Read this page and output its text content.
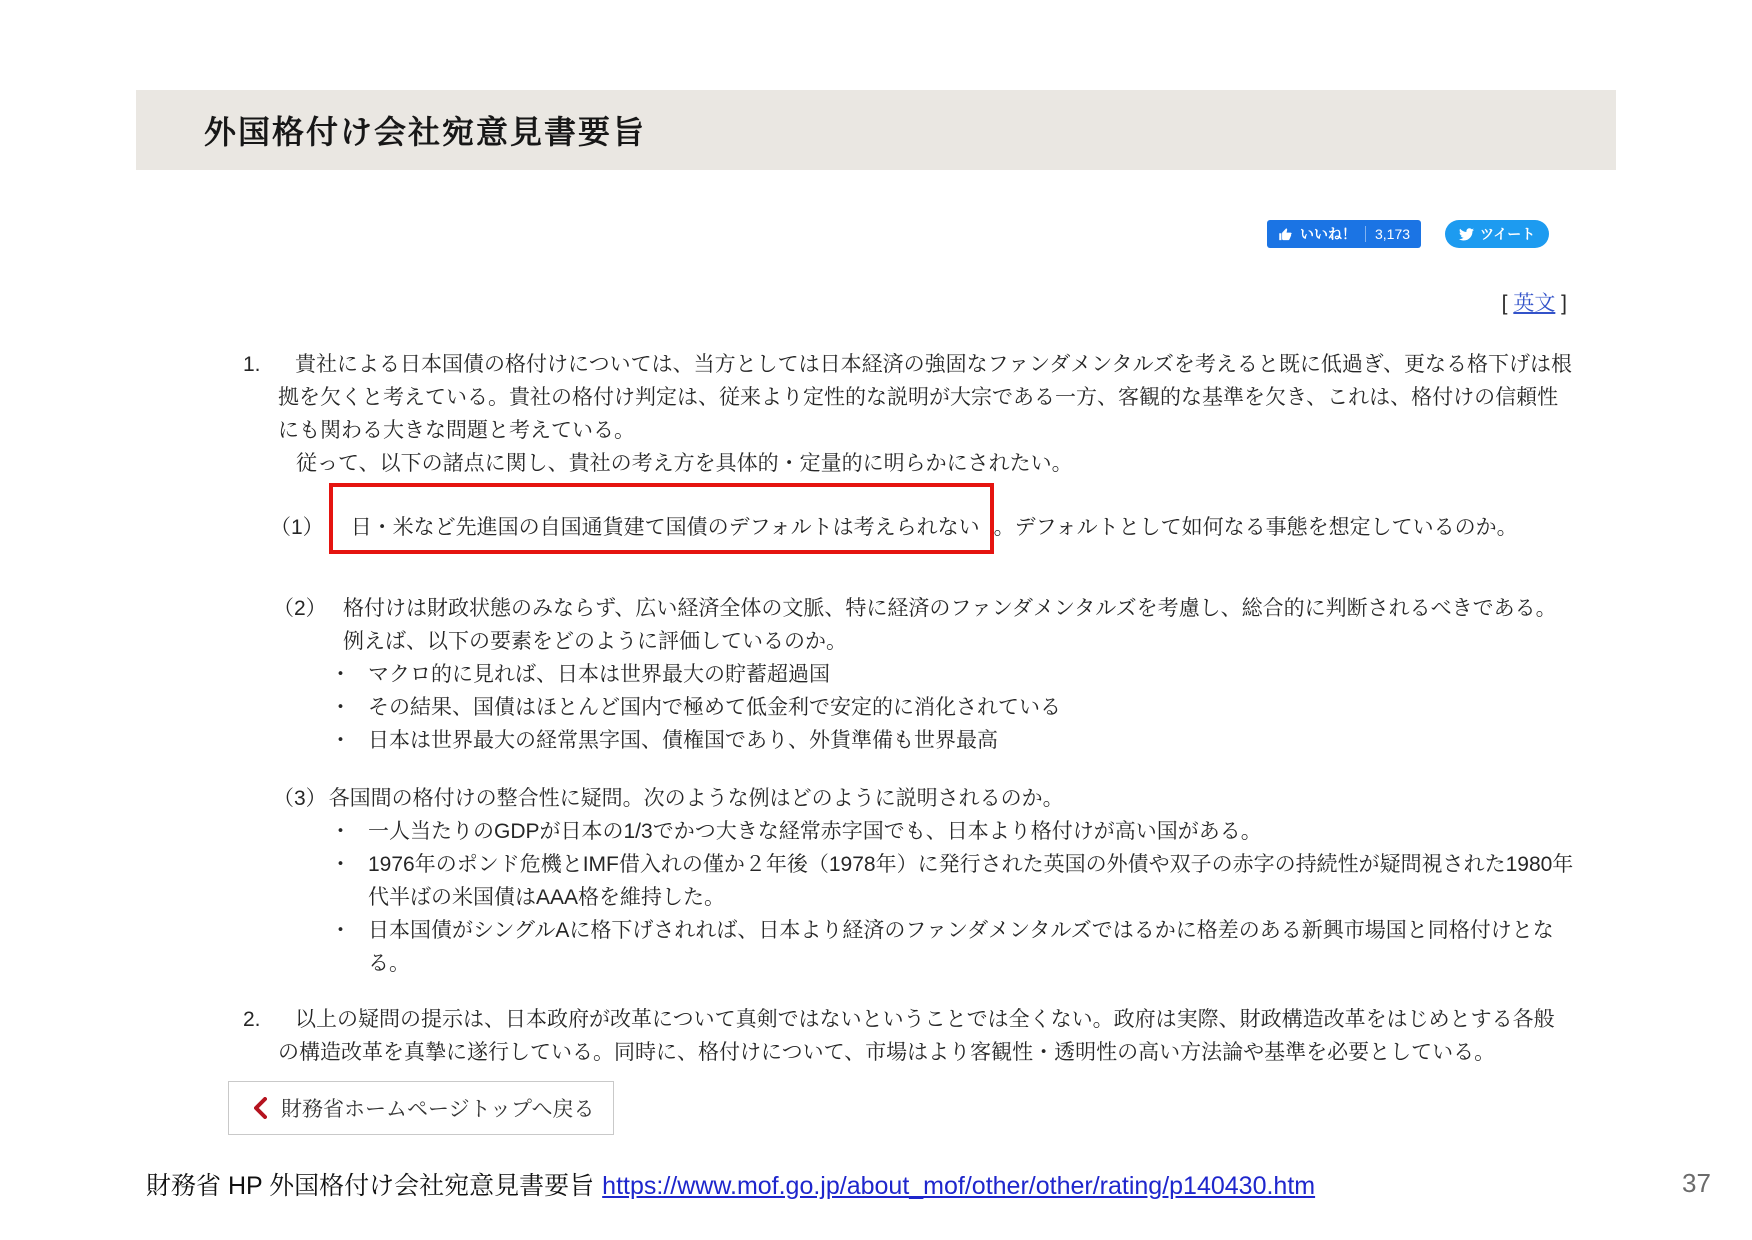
外国格付け会社宛意見書要旨
いいね！	3,173	ツイート
[ 英文 ]
1.	貴社による日本国債の格付けについては、当方としては日本経済の強固なファンダメンタルズを考えると既に低過ぎ、更なる格下げは根拠を欠くと考えている。貴社の格付け判定は、従来より定性的な説明が大宗である一方、客観的な基準を欠き、これは、格付けの信頼性にも関わる大きな問題と考えている。
従って、以下の諸点に関し、貴社の考え方を具体的・定量的に明らかにされたい。
（1） 日・米など先進国の自国通貨建て国債のデフォルトは考えられない 。デフォルトとして如何なる事態を想定しているのか。
（2） 格付けは財政状態のみならず、広い経済全体の文脈、特に経済のファンダメンタルズを考慮し、総合的に判断されるべきである。例えば、以下の要素をどのように評価しているのか。
・ マクロ的に見れば、日本は世界最大の貯蓄超過国
・ その結果、国債はほとんど国内で極めて低金利で安定的に消化されている
・ 日本は世界最大の経常黒字国、債権国であり、外貨準備も世界最高
（3）各国間の格付けの整合性に疑問。次のような例はどのように説明されるのか。
・ 一人当たりのGDPが日本の1/3でかつ大きな経常赤字国でも、日本より格付けが高い国がある。
・ 1976年のポンド危機とIMF借入れの僅か２年後（1978年）に発行された英国の外債や双子の赤字の持続性が疑問視された1980年代半ばの米国債はAAA格を維持した。
・ 日本国債がシングルAに格下げされれば、日本より経済のファンダメンタルズではるかに格差のある新興市場国と同格付けとなる。
2.	以上の疑問の提示は、日本政府が改革について真剣ではないということでは全くない。政府は実際、財政構造改革をはじめとする各般の構造改革を真摯に遂行している。同時に、格付けについて、市場はより客観性・透明性の高い方法論や基準を必要としている。
財務省ホームページトップへ戻る
財務省 HP 外国格付け会社宛意見書要旨 https://www.mof.go.jp/about_mof/other/other/rating/p140430.htm	37
